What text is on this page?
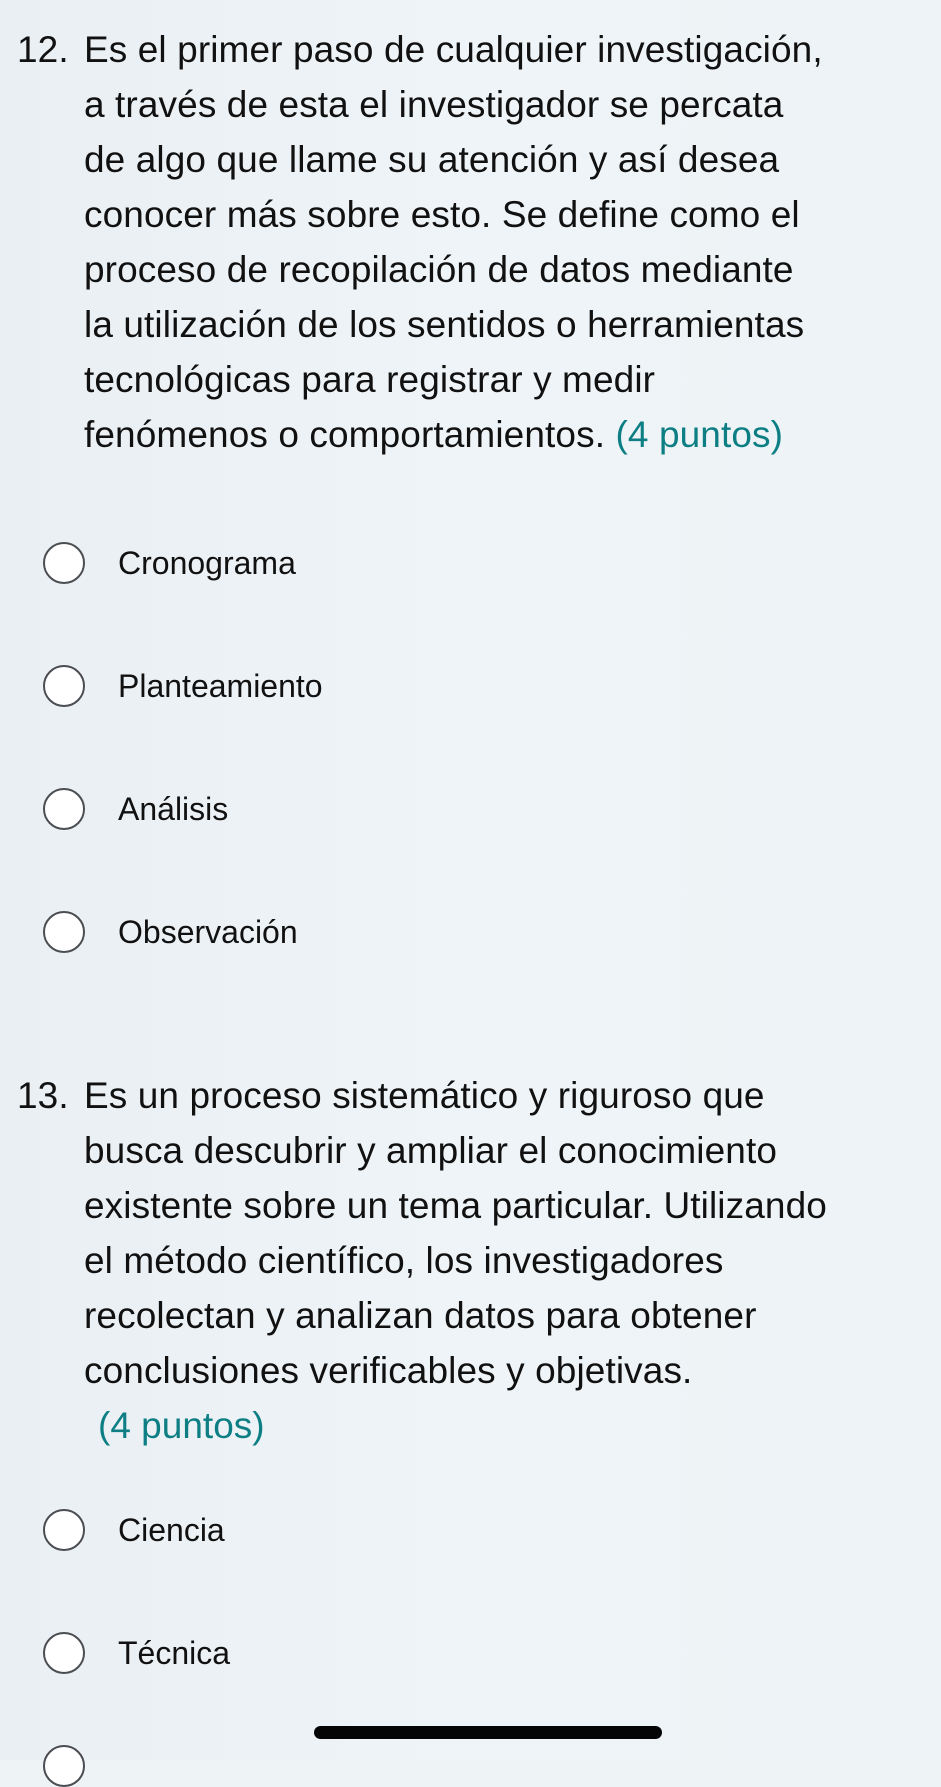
12. Es el primer paso de cualquier investigación,
a través de esta el investigador se percata
de algo que llame su atención y así desea
conocer más sobre esto. Se define como el
proceso de recopilación de datos mediante
la utilización de los sentidos o herramientas
tecnológicas para registrar y medir
fenómenos o comportamientos. (4 puntos)
Cronograma
Planteamiento
Análisis
Observación
13. Es un proceso sistemático y riguroso que
busca descubrir y ampliar el conocimiento
existente sobre un tema particular. Utilizando
el método científico, los investigadores
recolectan y analizan datos para obtener
conclusiones verificables y objetivas.
(4 puntos)
Ciencia
Técnica
